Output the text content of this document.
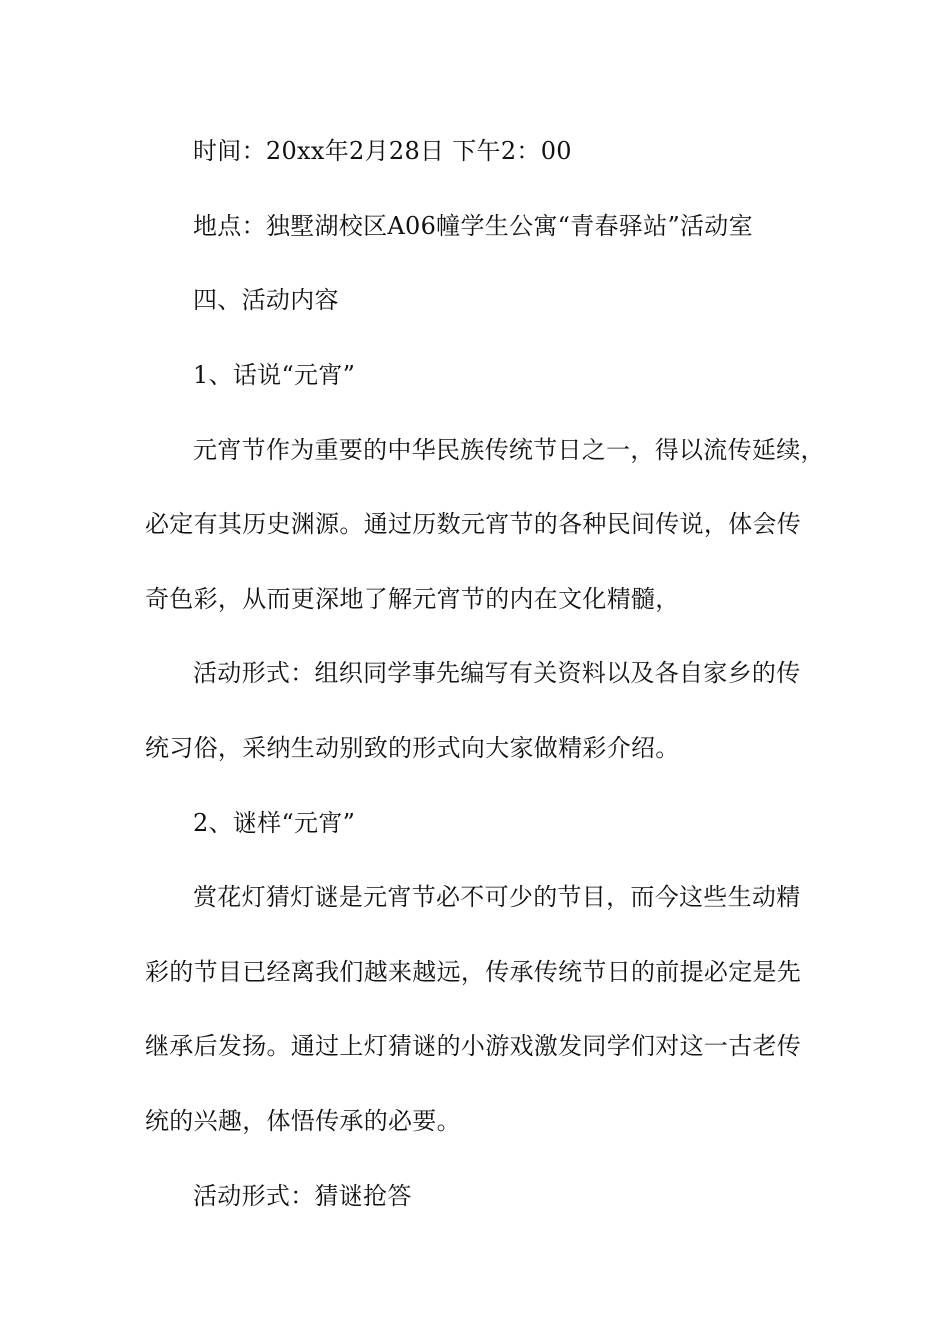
时间：20xx年2月28日 下午2：00
地点：独墅湖校区A06幢学生公寓“青春驿站”活动室
四、活动内容
1、话说“元宵”
元宵节作为重要的中华民族传统节日之一，得以流传延续，
必定有其历史渊源。通过历数元宵节的各种民间传说，体会传
奇色彩，从而更深地了解元宵节的内在文化精髓，
活动形式：组织同学事先编写有关资料以及各自家乡的传
统习俗，采纳生动别致的形式向大家做精彩介绍。
2、谜样“元宵”
赏花灯猜灯谜是元宵节必不可少的节目，而今这些生动精
彩的节目已经离我们越来越远，传承传统节日的前提必定是先
继承后发扬。通过上灯猜谜的小游戏激发同学们对这一古老传
统的兴趣，体悟传承的必要。
活动形式：猜谜抢答
